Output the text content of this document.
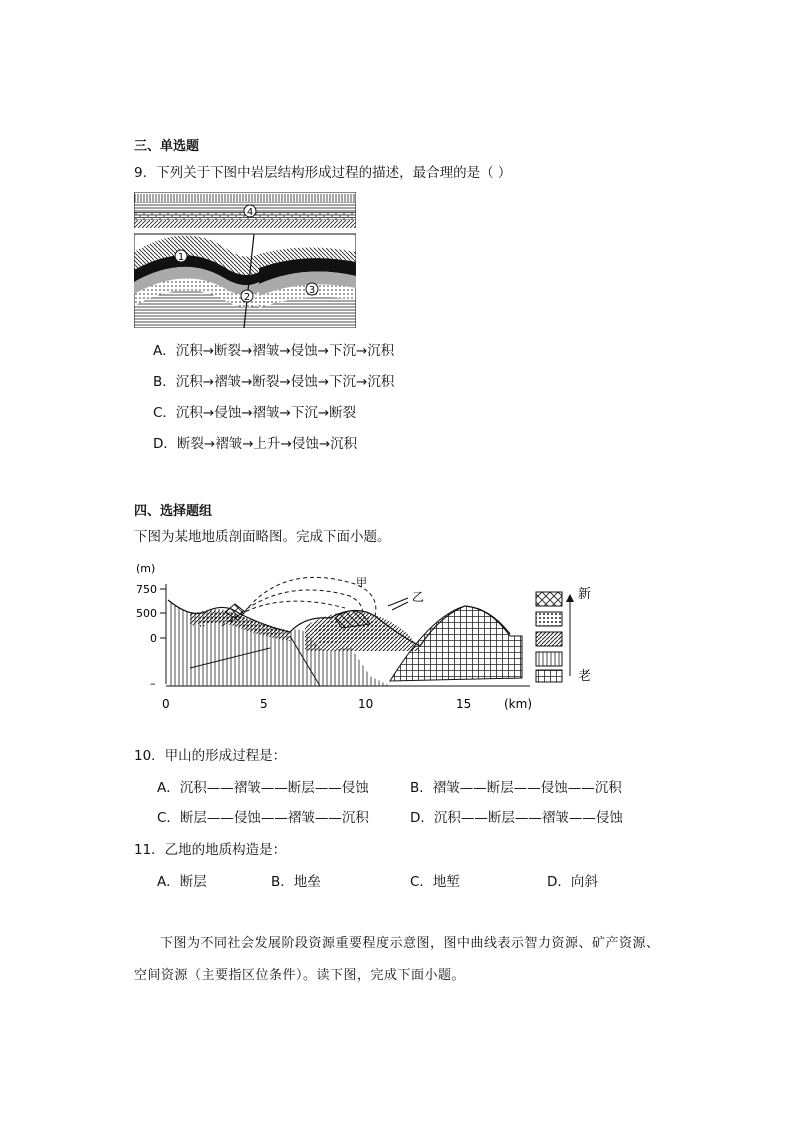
三、单选题
9．下列关于下图中岩层结构形成过程的描述，最合理的是（ ）
4
1
2
3
A．沉积→断裂→褶皱→侵蚀→下沉→沉积
B．沉积→褶皱→断裂→侵蚀→下沉→沉积
C．沉积→侵蚀→褶皱→下沉→断裂
D．断裂→褶皱→上升→侵蚀→沉积
四、选择题组
下图为某地地质剖面略图。完成下面小题。
(m)
750
500
0
–
甲
乙
0	5	10	15	(km)
新
老
10．甲山的形成过程是：
A．沉积——褶皱——断层——侵蚀	B．褶皱——断层——侵蚀——沉积
C．断层——侵蚀——褶皱——沉积	D．沉积——断层——褶皱——侵蚀
11．乙地的地质构造是：
A．断层	B．地垒	C．地堑	D．向斜
下图为不同社会发展阶段资源重要程度示意图，图中曲线表示智力资源、矿产资源、
空间资源（主要指区位条件）。读下图，完成下面小题。
